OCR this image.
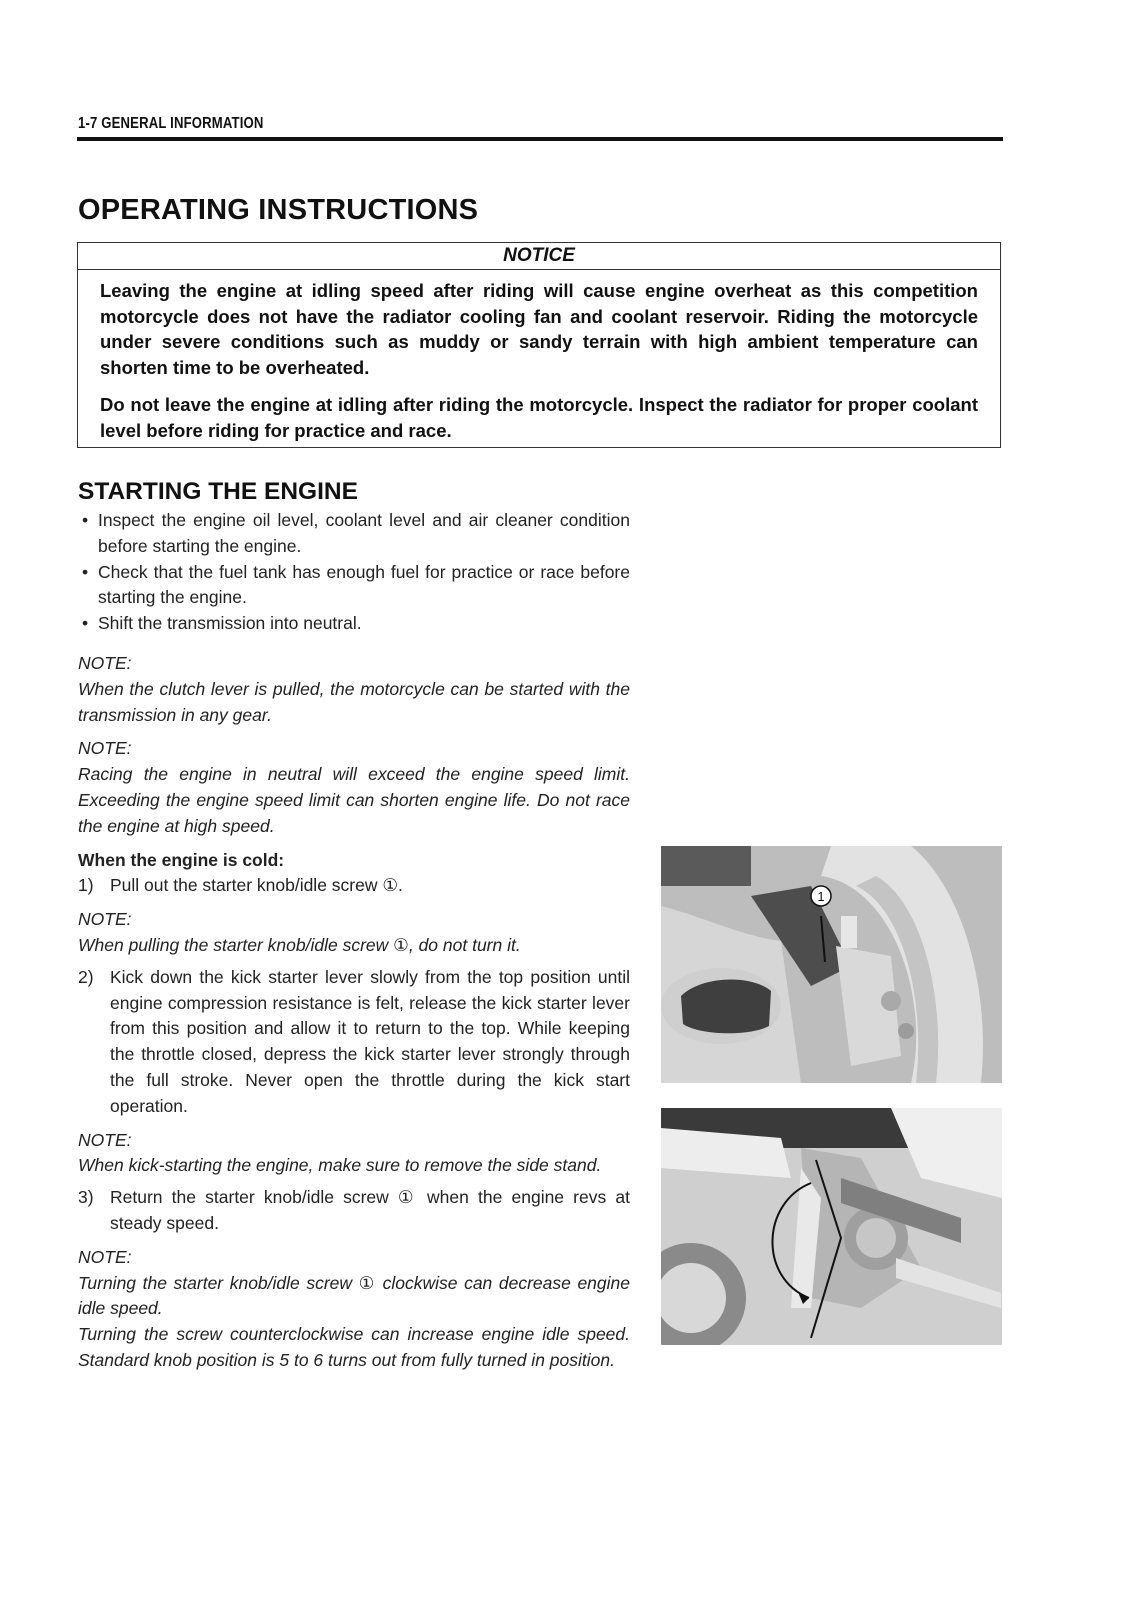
1-7 GENERAL INFORMATION
OPERATING INSTRUCTIONS
NOTICE

Leaving the engine at idling speed after riding will cause engine overheat as this competition motorcycle does not have the radiator cooling fan and coolant reservoir. Riding the motorcycle under severe conditions such as muddy or sandy terrain with high ambient temperature can shorten time to be overheated.

Do not leave the engine at idling after riding the motorcycle. Inspect the radiator for proper coolant level before riding for practice and race.

STARTING THE ENGINE
• Inspect the engine oil level, coolant level and air cleaner condition before starting the engine.
• Check that the fuel tank has enough fuel for practice or race before starting the engine.
• Shift the transmission into neutral.

NOTE:

When the clutch lever is pulled, the motorcycle can be started with the transmission in any gear.

NOTE:

Racing the engine in neutral will exceed the engine speed limit. Exceeding the engine speed limit can shorten engine life. Do not race the engine at high speed.

When the engine is cold:
1) Pull out the starter knob/idle screw ①.

NOTE:

When pulling the starter knob/idle screw ①, do not turn it.

2) Kick down the kick starter lever slowly from the top position until engine compression resistance is felt, release the kick starter lever from this position and allow it to return to the top. While keeping the throttle closed, depress the kick starter lever strongly through the full stroke. Never open the throttle during the kick start operation.

NOTE:

When kick-starting the engine, make sure to remove the side stand.

3) Return the starter knob/idle screw ① when the engine revs at steady speed.

NOTE:

Turning the starter knob/idle screw ① clockwise can decrease engine idle speed.

Turning the screw counterclockwise can increase engine idle speed. Standard knob position is 5 to 6 turns out from fully turned in position.

1
